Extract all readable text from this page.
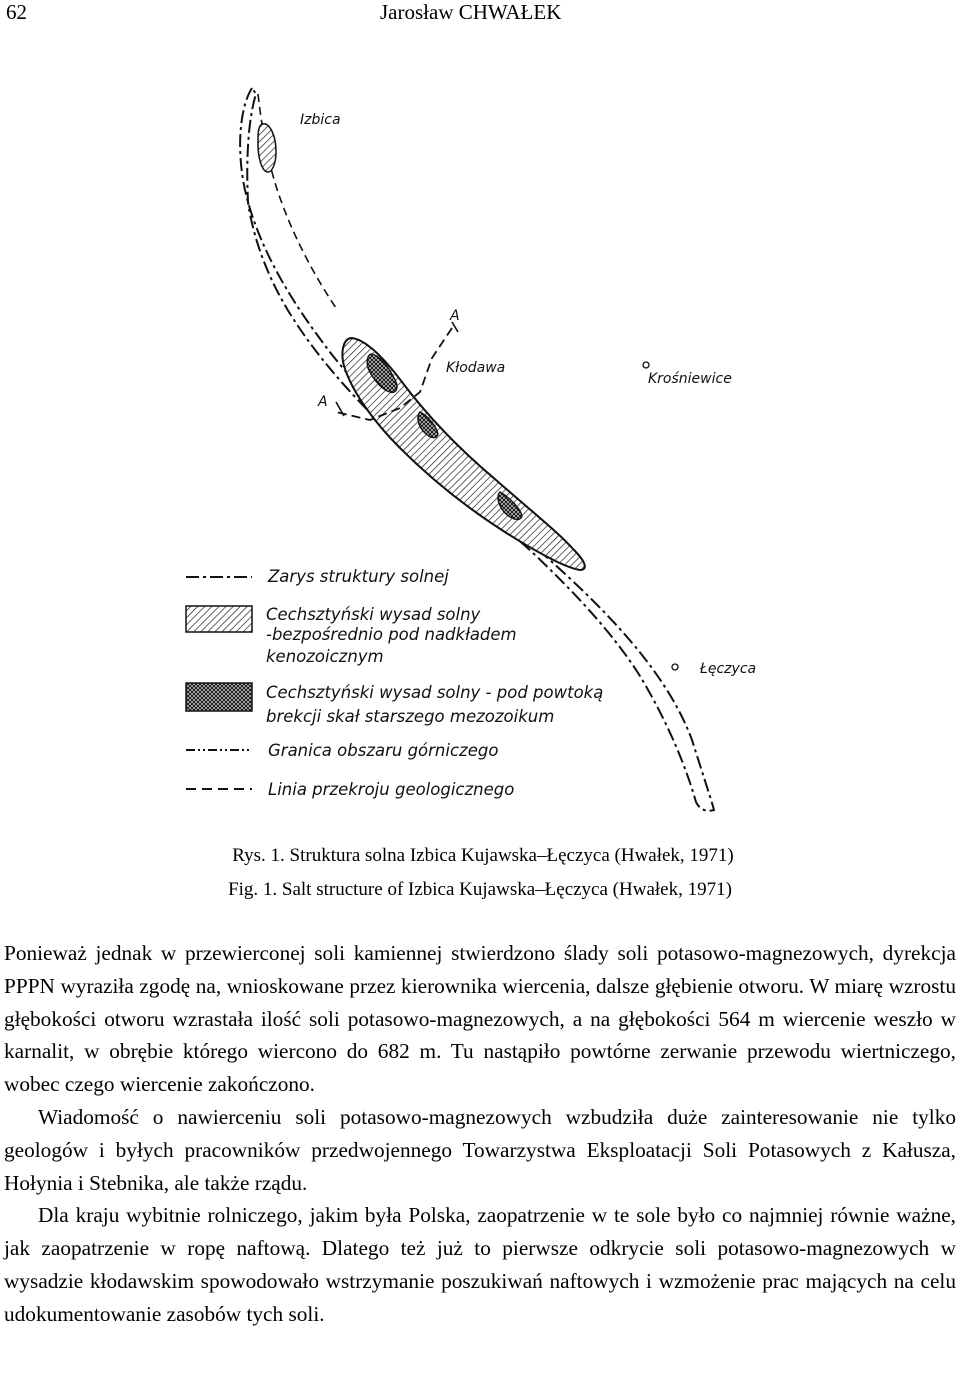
62	Jarosław CHWAŁEK
Izbica
A
Kłodawa
Krośniewice
A
Łęczyca
Zarys struktury solnej
Cechsztyński wysad solny
-bezpośrednio pod nadkładem
kenozoicznym
Cechsztyński wysad solny - pod powtoką
brekcji skał starszego mezozoikum
Granica obszaru górniczego
Linia przekroju geologicznego
Rys. 1. Struktura solna Izbica Kujawska–Łęczyca (Hwałek, 1971)
Fig. 1. Salt structure of Izbica Kujawska–Łęczyca (Hwałek, 1971)

Ponieważ jednak w przewierconej soli kamiennej stwierdzono ślady soli potasowo-magnezowych, dyrekcja PPPN wyraziła zgodę na, wnioskowane przez kierownika wiercenia, dalsze głębienie otworu. W miarę wzrostu głębokości otworu wzrastała ilość soli potasowo-magnezowych, a na głębokości 564 m wiercenie weszło w karnalit, w obrębie którego wiercono do 682 m. Tu nastąpiło powtórne zerwanie przewodu wiertniczego, wobec czego wiercenie zakończono.

Wiadomość o nawierceniu soli potasowo-magnezowych wzbudziła duże zainteresowanie nie tylko geologów i byłych pracowników przedwojennego Towarzystwa Eksploatacji Soli Potasowych z Kałusza, Hołynia i Stebnika, ale także rządu.

Dla kraju wybitnie rolniczego, jakim była Polska, zaopatrzenie w te sole było co najmniej równie ważne, jak zaopatrzenie w ropę naftową. Dlatego też już to pierwsze odkrycie soli potasowo-magnezowych w wysadzie kłodawskim spowodowało wstrzymanie poszukiwań naftowych i wzmożenie prac mających na celu udokumentowanie zasobów tych soli.
